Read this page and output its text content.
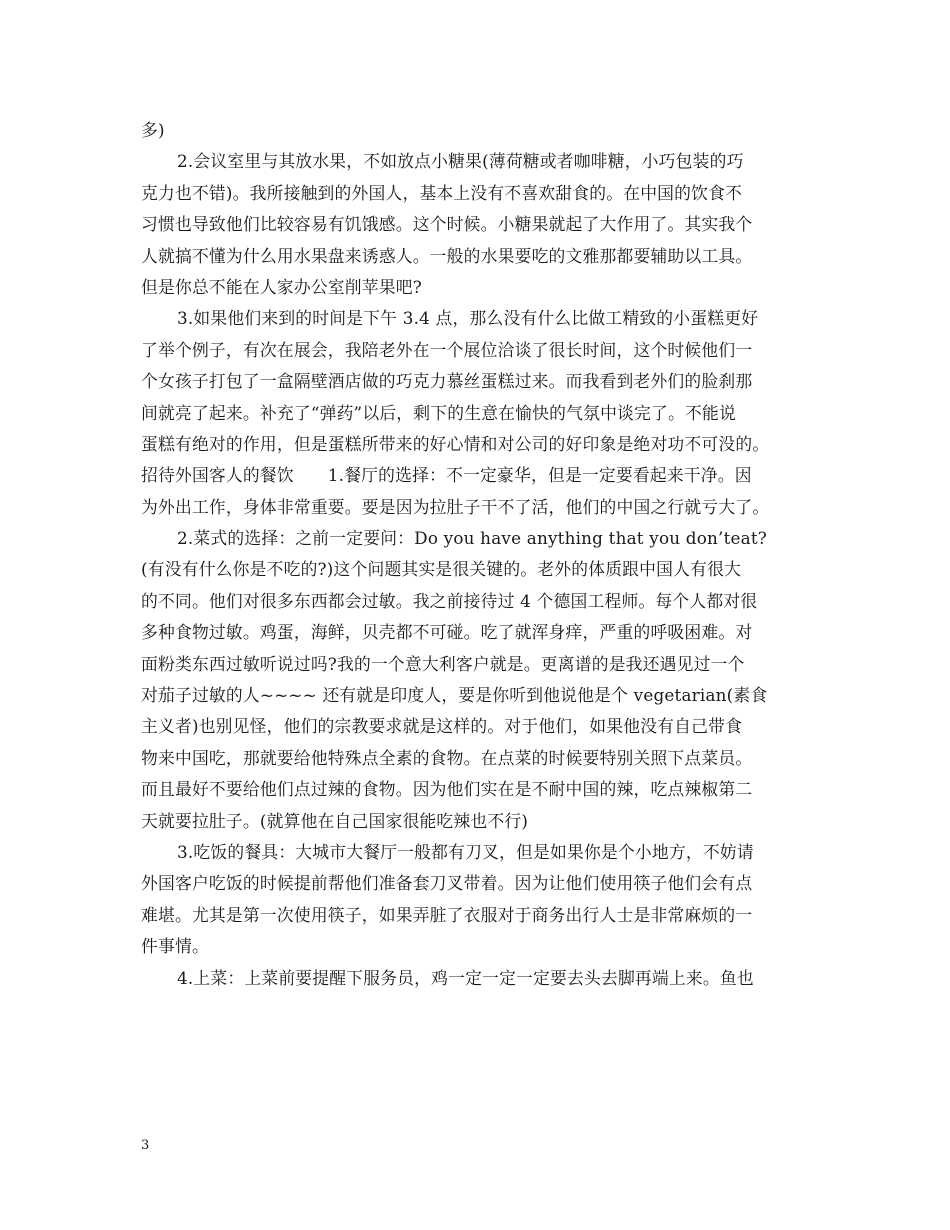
多)
2.会议室里与其放水果，不如放点小糖果(薄荷糖或者咖啡糖，小巧包装的巧
克力也不错)。我所接触到的外国人，基本上没有不喜欢甜食的。在中国的饮食不
习惯也导致他们比较容易有饥饿感。这个时候。小糖果就起了大作用了。其实我个
人就搞不懂为什么用水果盘来诱惑人。一般的水果要吃的文雅那都要辅助以工具。
但是你总不能在人家办公室削苹果吧?
3.如果他们来到的时间是下午 3.4 点，那么没有什么比做工精致的小蛋糕更好
了举个例子，有次在展会，我陪老外在一个展位洽谈了很长时间，这个时候他们一
个女孩子打包了一盒隔壁酒店做的巧克力慕丝蛋糕过来。而我看到老外们的脸刹那
间就亮了起来。补充了“弹药”以后，剩下的生意在愉快的气氛中谈完了。不能说
蛋糕有绝对的作用，但是蛋糕所带来的好心情和对公司的好印象是绝对功不可没的。
招待外国客人的餐饮　　1.餐厅的选择：不一定豪华，但是一定要看起来干净。因
为外出工作，身体非常重要。要是因为拉肚子干不了活，他们的中国之行就亏大了。
2.菜式的选择：之前一定要问：Do you have anything that you don’teat?
(有没有什么你是不吃的?)这个问题其实是很关键的。老外的体质跟中国人有很大
的不同。他们对很多东西都会过敏。我之前接待过 4 个德国工程师。每个人都对很
多种食物过敏。鸡蛋，海鲜，贝壳都不可碰。吃了就浑身痒，严重的呼吸困难。对
面粉类东西过敏听说过吗?我的一个意大利客户就是。更离谱的是我还遇见过一个
对茄子过敏的人~~~~ 还有就是印度人，要是你听到他说他是个 vegetarian(素食
主义者)也别见怪，他们的宗教要求就是这样的。对于他们，如果他没有自己带食
物来中国吃，那就要给他特殊点全素的食物。在点菜的时候要特别关照下点菜员。
而且最好不要给他们点过辣的食物。因为他们实在是不耐中国的辣，吃点辣椒第二
天就要拉肚子。(就算他在自己国家很能吃辣也不行)
3.吃饭的餐具：大城市大餐厅一般都有刀叉，但是如果你是个小地方，不妨请
外国客户吃饭的时候提前帮他们准备套刀叉带着。因为让他们使用筷子他们会有点
难堪。尤其是第一次使用筷子，如果弄脏了衣服对于商务出行人士是非常麻烦的一
件事情。
4.上菜：上菜前要提醒下服务员，鸡一定一定一定要去头去脚再端上来。鱼也
3
